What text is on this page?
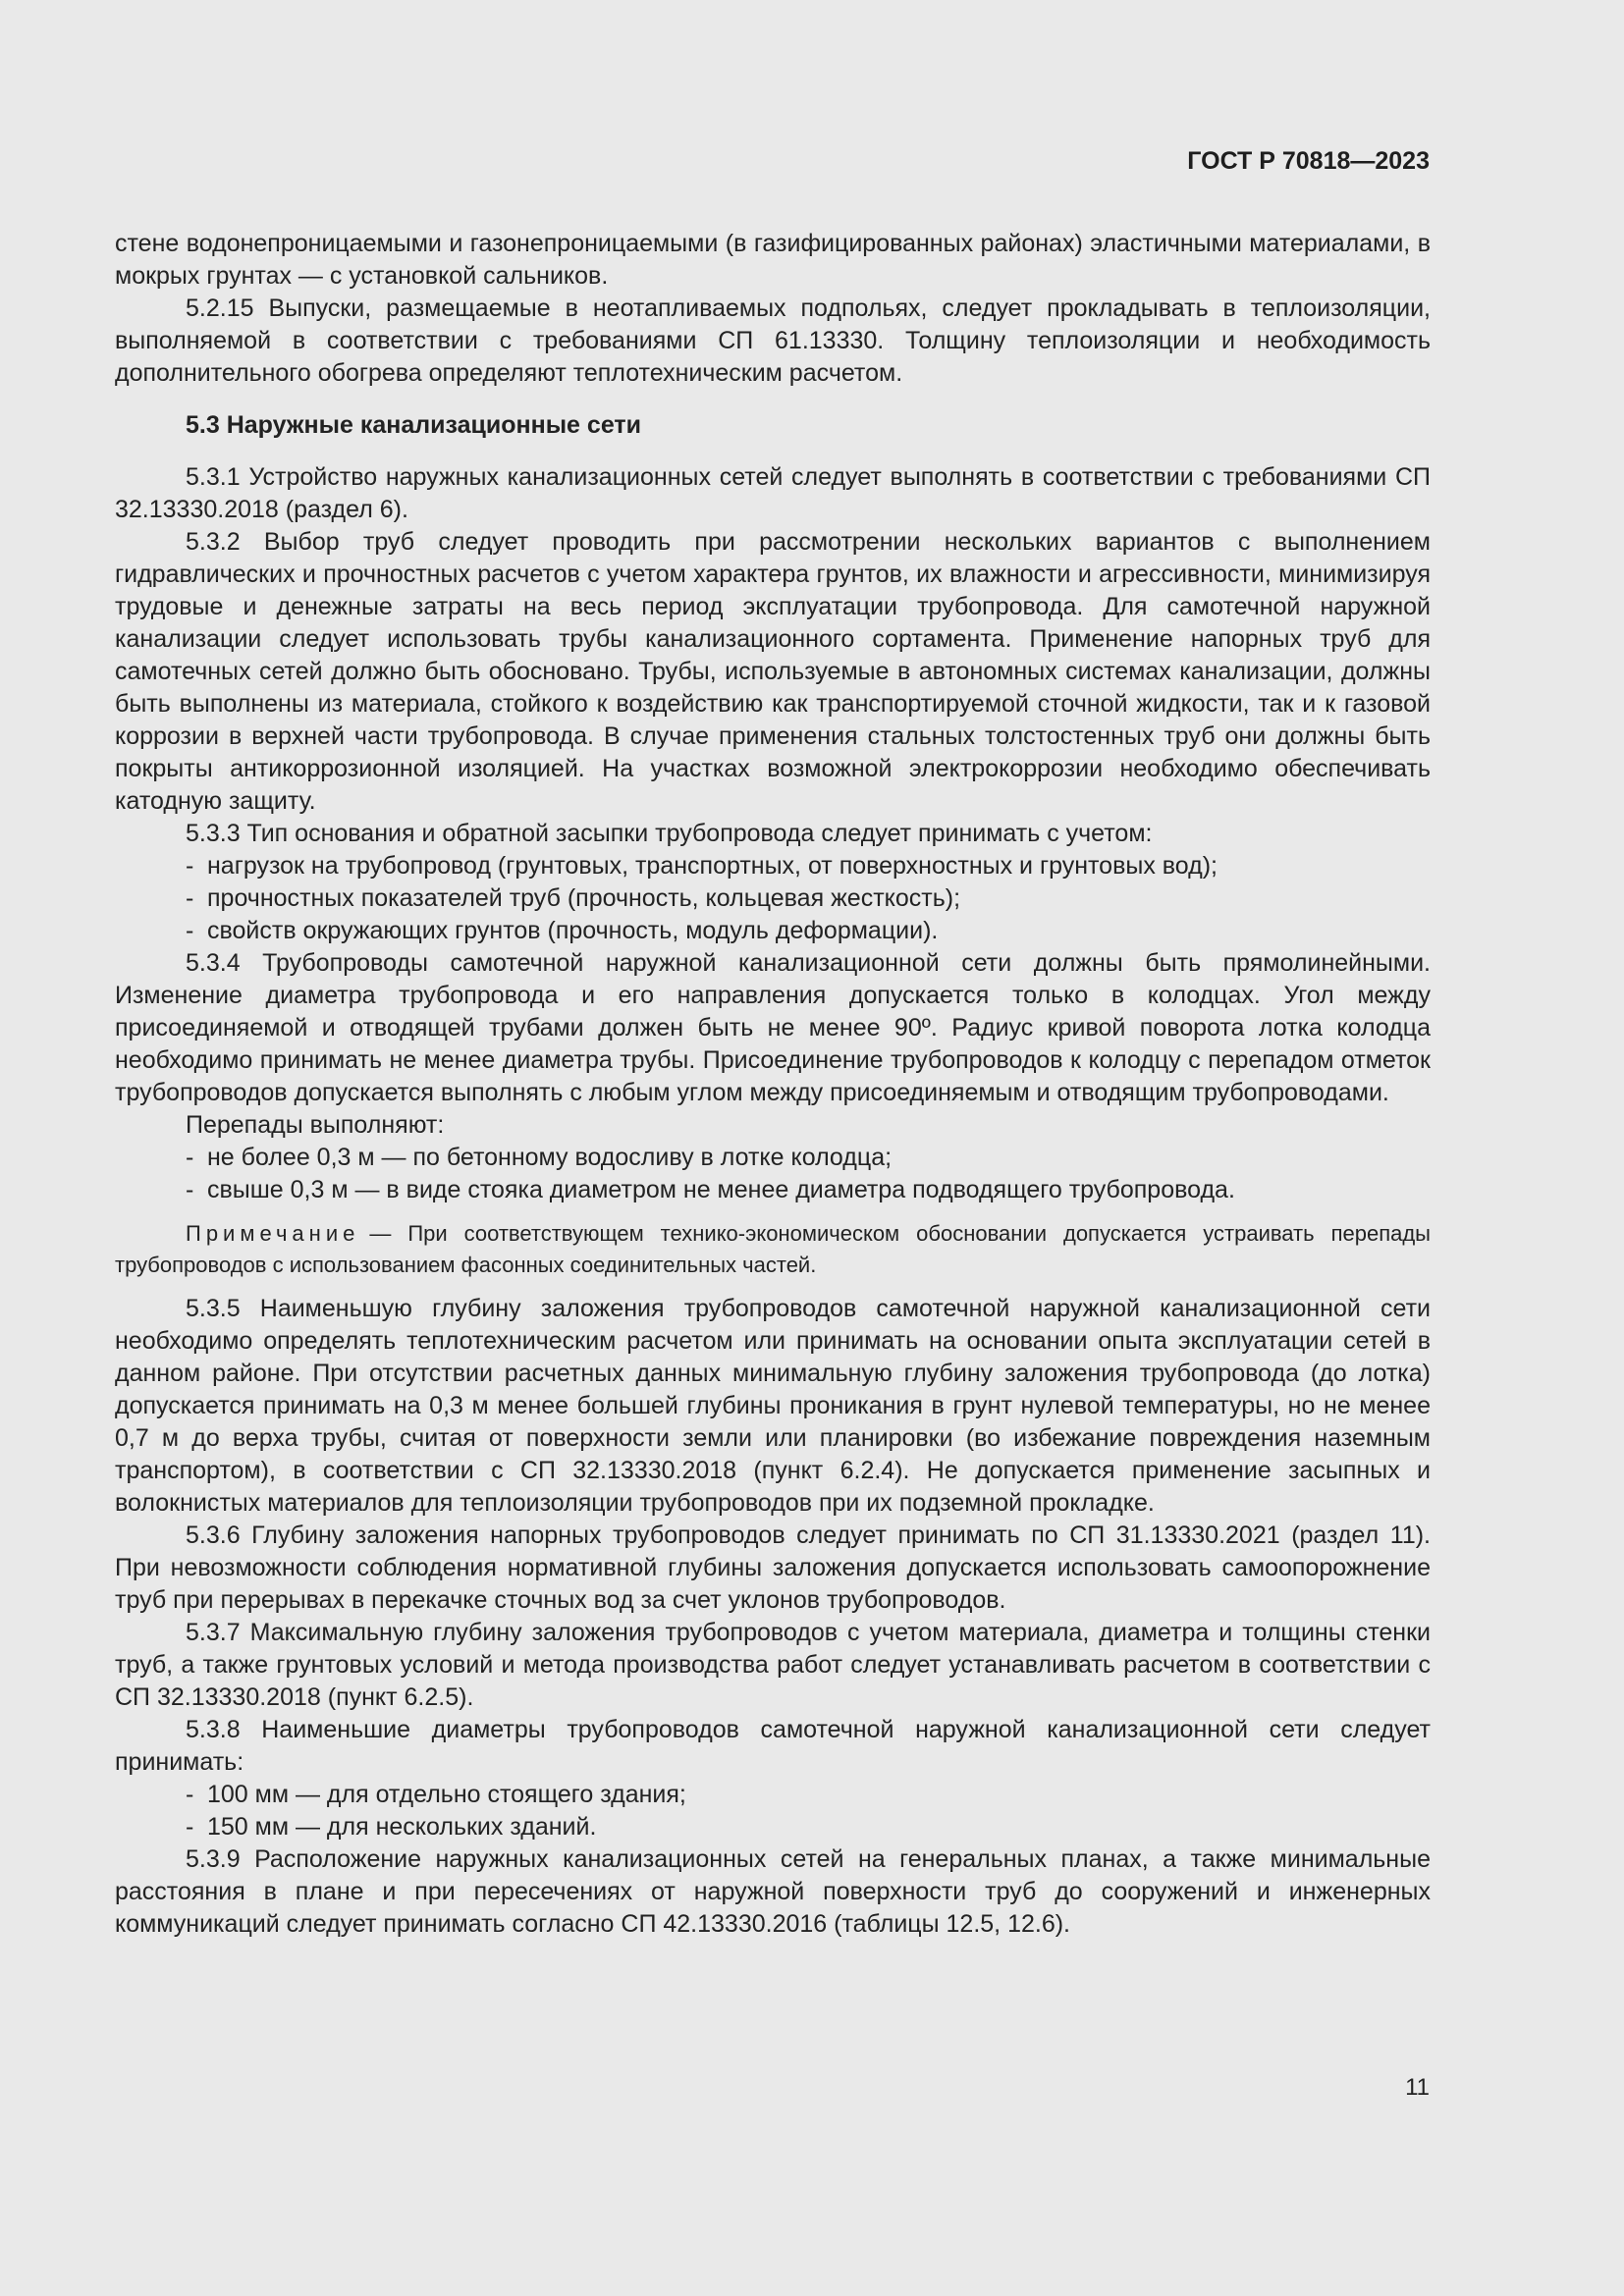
ГОСТ Р 70818—2023

стене водонепроницаемыми и газонепроницаемыми (в газифицированных районах) эластичными материалами, в мокрых грунтах — с установкой сальников.

5.2.15 Выпуски, размещаемые в неотапливаемых подпольях, следует прокладывать в теплоизоляции, выполняемой в соответствии с требованиями СП 61.13330. Толщину теплоизоляции и необходимость дополнительного обогрева определяют теплотехническим расчетом.

5.3 Наружные канализационные сети

5.3.1 Устройство наружных канализационных сетей следует выполнять в соответствии с требованиями СП 32.13330.2018 (раздел 6).

5.3.2 Выбор труб следует проводить при рассмотрении нескольких вариантов с выполнением гидравлических и прочностных расчетов с учетом характера грунтов, их влажности и агрессивности, минимизируя трудовые и денежные затраты на весь период эксплуатации трубопровода. Для самотечной наружной канализации следует использовать трубы канализационного сортамента. Применение напорных труб для самотечных сетей должно быть обосновано. Трубы, используемые в автономных системах канализации, должны быть выполнены из материала, стойкого к воздействию как транспортируемой сточной жидкости, так и к газовой коррозии в верхней части трубопровода. В случае применения стальных толстостенных труб они должны быть покрыты антикоррозионной изоляцией. На участках возможной электрокоррозии необходимо обеспечивать катодную защиту.

5.3.3 Тип основания и обратной засыпки трубопровода следует принимать с учетом:

- нагрузок на трубопровод (грунтовых, транспортных, от поверхностных и грунтовых вод);

- прочностных показателей труб (прочность, кольцевая жесткость);

- свойств окружающих грунтов (прочность, модуль деформации).

5.3.4 Трубопроводы самотечной наружной канализационной сети должны быть прямолинейными. Изменение диаметра трубопровода и его направления допускается только в колодцах. Угол между присоединяемой и отводящей трубами должен быть не менее 90º. Радиус кривой поворота лотка колодца необходимо принимать не менее диаметра трубы. Присоединение трубопроводов к колодцу с перепадом отметок трубопроводов допускается выполнять с любым углом между присоединяемым и отводящим трубопроводами.

Перепады выполняют:

- не более 0,3 м — по бетонному водосливу в лотке колодца;

- свыше 0,3 м — в виде стояка диаметром не менее диаметра подводящего трубопровода.

Примечание — При соответствующем технико-экономическом обосновании допускается устраивать перепады трубопроводов с использованием фасонных соединительных частей.

5.3.5 Наименьшую глубину заложения трубопроводов самотечной наружной канализационной сети необходимо определять теплотехническим расчетом или принимать на основании опыта эксплуатации сетей в данном районе. При отсутствии расчетных данных минимальную глубину заложения трубопровода (до лотка) допускается принимать на 0,3 м менее большей глубины проникания в грунт нулевой температуры, но не менее 0,7 м до верха трубы, считая от поверхности земли или планировки (во избежание повреждения наземным транспортом), в соответствии с СП 32.13330.2018 (пункт 6.2.4). Не допускается применение засыпных и волокнистых материалов для теплоизоляции трубопроводов при их подземной прокладке.

5.3.6 Глубину заложения напорных трубопроводов следует принимать по СП 31.13330.2021 (раздел 11). При невозможности соблюдения нормативной глубины заложения допускается использовать самоопорожнение труб при перерывах в перекачке сточных вод за счет уклонов трубопроводов.

5.3.7 Максимальную глубину заложения трубопроводов с учетом материала, диаметра и толщины стенки труб, а также грунтовых условий и метода производства работ следует устанавливать расчетом в соответствии с СП 32.13330.2018 (пункт 6.2.5).

5.3.8 Наименьшие диаметры трубопроводов самотечной наружной канализационной сети следует принимать:

- 100 мм — для отдельно стоящего здания;

- 150 мм — для нескольких зданий.

5.3.9 Расположение наружных канализационных сетей на генеральных планах, а также минимальные расстояния в плане и при пересечениях от наружной поверхности труб до сооружений и инженерных коммуникаций следует принимать согласно СП 42.13330.2016 (таблицы 12.5, 12.6).

11
